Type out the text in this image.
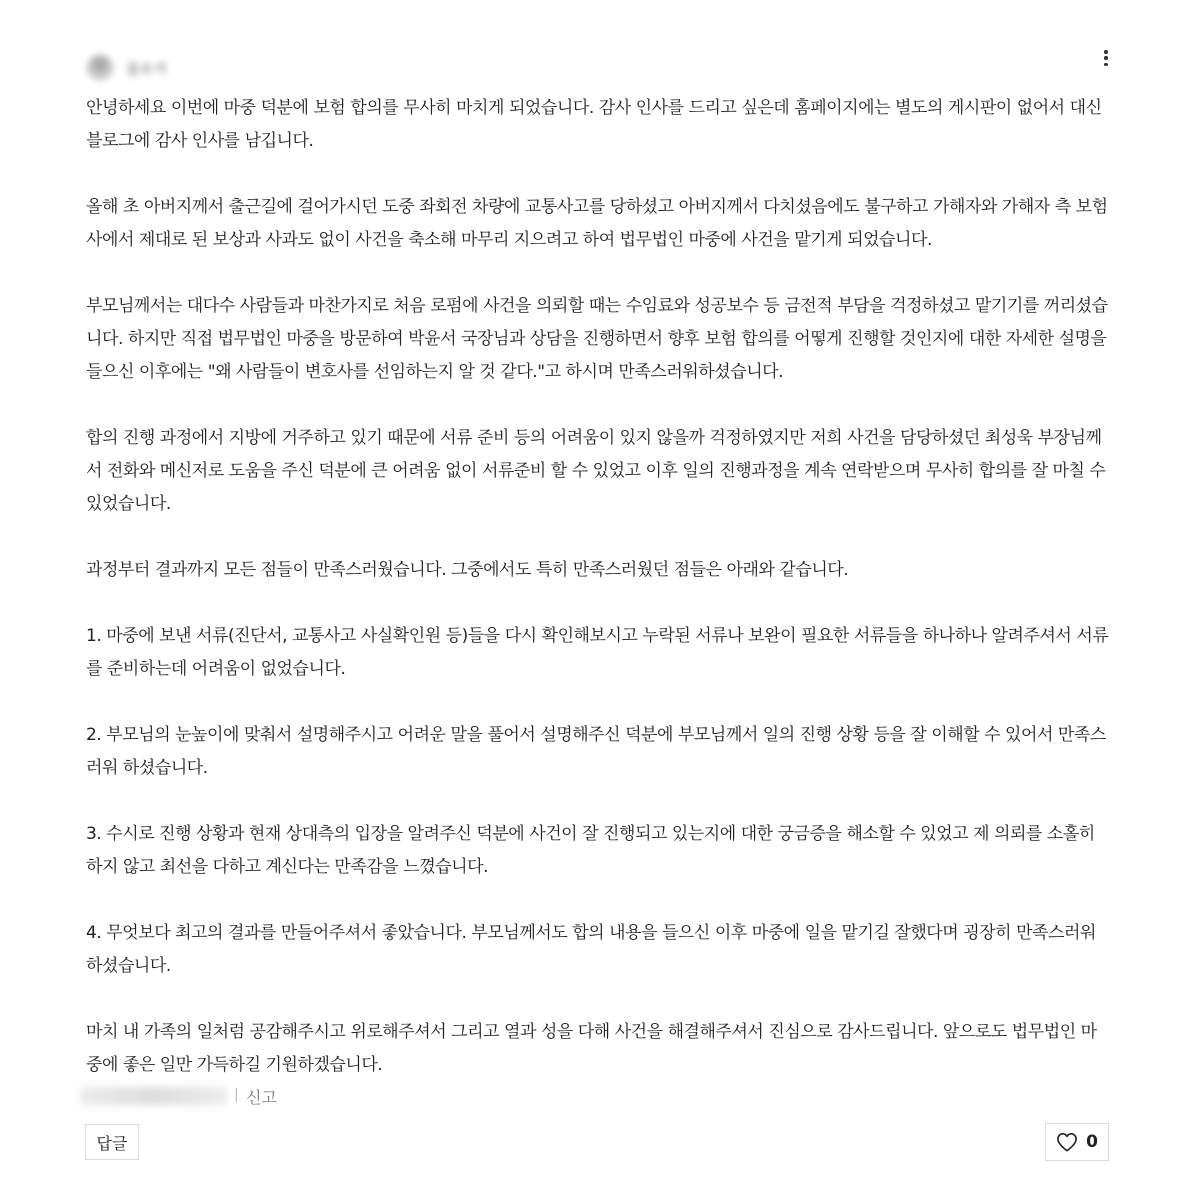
블로거

안녕하세요 이번에 마중 덕분에 보험 합의를 무사히 마치게 되었습니다. 감사 인사를 드리고 싶은데 홈페이지에는 별도의 게시판이 없어서 대신 블로그에 감사 인사를 남깁니다.

올해 초 아버지께서 출근길에 걸어가시던 도중 좌회전 차량에 교통사고를 당하셨고 아버지께서 다치셨음에도 불구하고 가해자와 가해자 측 보험사에서 제대로 된 보상과 사과도 없이 사건을 축소해 마무리 지으려고 하여 법무법인 마중에 사건을 맡기게 되었습니다.

부모님께서는 대다수 사람들과 마찬가지로 처음 로펌에 사건을 의뢰할 때는 수임료와 성공보수 등 금전적 부담을 걱정하셨고 맡기기를 꺼리셨습니다. 하지만 직접 법무법인 마중을 방문하여 박윤서 국장님과 상담을 진행하면서 향후 보험 합의를 어떻게 진행할 것인지에 대한 자세한 설명을 들으신 이후에는 "왜 사람들이 변호사를 선임하는지 알 것 같다."고 하시며 만족스러워하셨습니다.

합의 진행 과정에서 지방에 거주하고 있기 때문에 서류 준비 등의 어려움이 있지 않을까 걱정하였지만 저희 사건을 담당하셨던 최성욱 부장님께서 전화와 메신저로 도움을 주신 덕분에 큰 어려움 없이 서류준비 할 수 있었고 이후 일의 진행과정을 계속 연락받으며 무사히 합의를 잘 마칠 수 있었습니다.

과정부터 결과까지 모든 점들이 만족스러웠습니다. 그중에서도 특히 만족스러웠던 점들은 아래와 같습니다.

1. 마중에 보낸 서류(진단서, 교통사고 사실확인원 등)들을 다시 확인해보시고 누락된 서류나 보완이 필요한 서류들을 하나하나 알려주셔서 서류를 준비하는데 어려움이 없었습니다.

2. 부모님의 눈높이에 맞춰서 설명해주시고 어려운 말을 풀어서 설명해주신 덕분에 부모님께서 일의 진행 상황 등을 잘 이해할 수 있어서 만족스러워 하셨습니다.

3. 수시로 진행 상황과 현재 상대측의 입장을 알려주신 덕분에 사건이 잘 진행되고 있는지에 대한 궁금증을 해소할 수 있었고 제 의뢰를 소홀히 하지 않고 최선을 다하고 계신다는 만족감을 느꼈습니다.

4. 무엇보다 최고의 결과를 만들어주셔서 좋았습니다. 부모님께서도 합의 내용을 들으신 이후 마중에 일을 맡기길 잘했다며 굉장히 만족스러워하셨습니다.

마치 내 가족의 일처럼 공감해주시고 위로해주셔서 그리고 열과 성을 다해 사건을 해결해주셔서 진심으로 감사드립니다. 앞으로도 법무법인 마중에 좋은 일만 가득하길 기원하겠습니다.

| 신고
답글	0
